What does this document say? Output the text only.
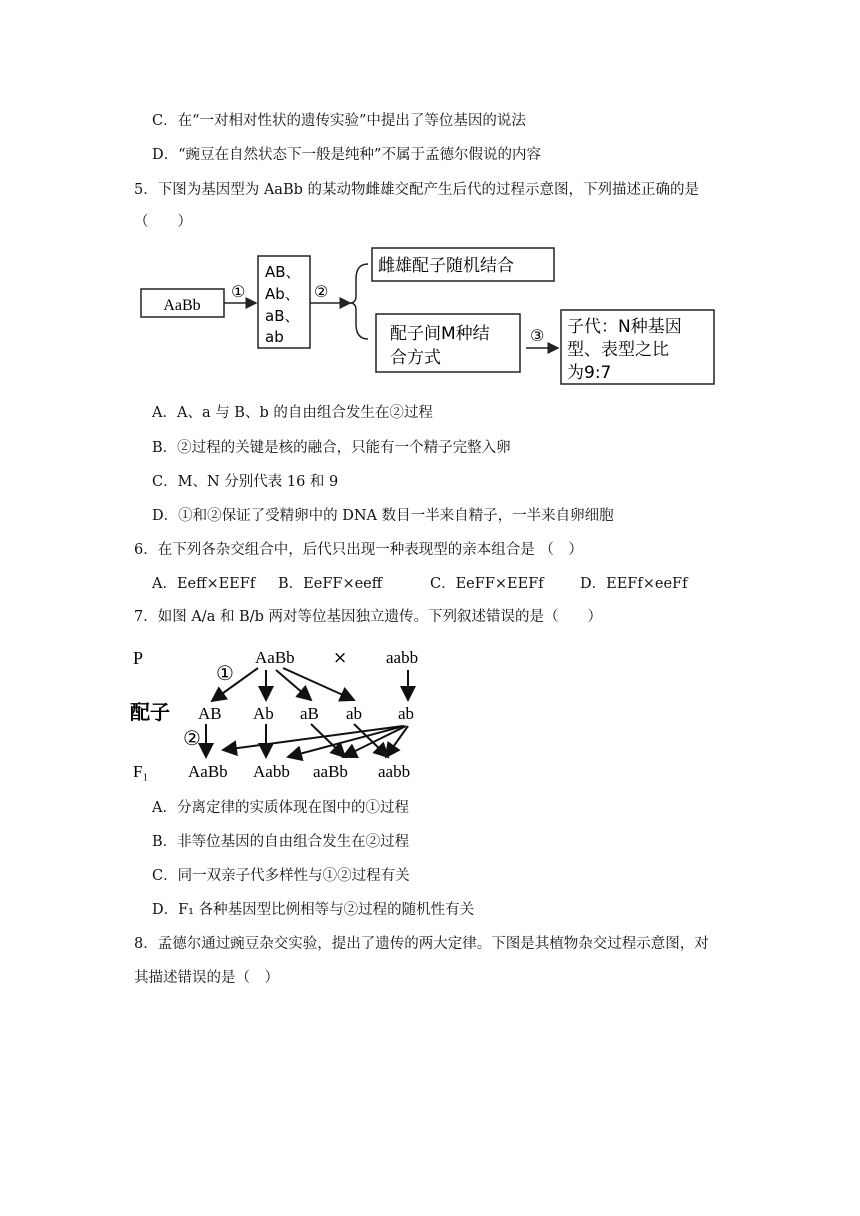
C．在“一对相对性状的遗传实验”中提出了等位基因的说法
D．“豌豆在自然状态下一般是纯种”不属于孟德尔假说的内容
5．下图为基因型为 AaBb 的某动物雌雄交配产生后代的过程示意图，下列描述正确的是
（　　）
AaBb
①
AB、
Ab、
aB、
ab
②
雌雄配子随机结合
配子间M种结
合方式
③ 子代：N种基因
型、表型之比
为9:7
A．A、a 与 B、b 的自由组合发生在②过程
B．②过程的关键是核的融合，只能有一个精子完整入卵
C．M、N 分别代表 16 和 9
D．①和②保证了受精卵中的 DNA 数目一半来自精子，一半来自卵细胞
6．在下列各杂交组合中，后代只出现一种表现型的亲本组合是 （　）
A．Eeff×EEFf B．EeFF×eeff	C．EeFF×EEFf	D．EEFf×eeFf
7．如图 A/a 和 B/b 两对等位基因独立遗传。下列叙述错误的是（　　）
P
配子
F₁
AaBb × aabb
①
②
AB Ab aB ab ab
AaBb Aabb aaBb aabb
A．分离定律的实质体现在图中的①过程
B．非等位基因的自由组合发生在②过程
C．同一双亲子代多样性与①②过程有关
D．F₁ 各种基因型比例相等与②过程的随机性有关
8．孟德尔通过豌豆杂交实验，提出了遗传的两大定律。下图是其植物杂交过程示意图，对
其描述错误的是（　）
